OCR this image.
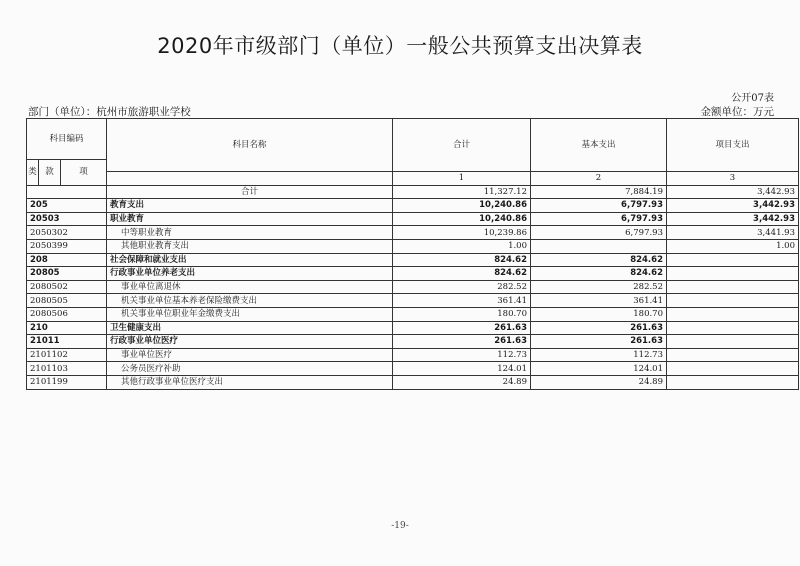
2020年市级部门（单位）一般公共预算支出决算表
公开07表
部门（单位）：杭州市旅游职业学校	金额单位：万元
科目编码			科目名称	合计	基本支出	项目支出
类	款	项				
				1	2	3
			合计	11,327.12	7,884.19	3,442.93
205			教育支出	10,240.86	6,797.93	3,442.93
20503			职业教育	10,240.86	6,797.93	3,442.93
2050302			中等职业教育	10,239.86	6,797.93	3,441.93
2050399			其他职业教育支出	1.00		1.00
208			社会保障和就业支出	824.62	824.62	
20805			行政事业单位养老支出	824.62	824.62	
2080502			事业单位离退休	282.52	282.52	
2080505			机关事业单位基本养老保险缴费支出	361.41	361.41	
2080506			机关事业单位职业年金缴费支出	180.70	180.70	
210			卫生健康支出	261.63	261.63	
21011			行政事业单位医疗	261.63	261.63	
2101102			事业单位医疗	112.73	112.73	
2101103			公务员医疗补助	124.01	124.01	
2101199			其他行政事业单位医疗支出	24.89	24.89	
-19-
